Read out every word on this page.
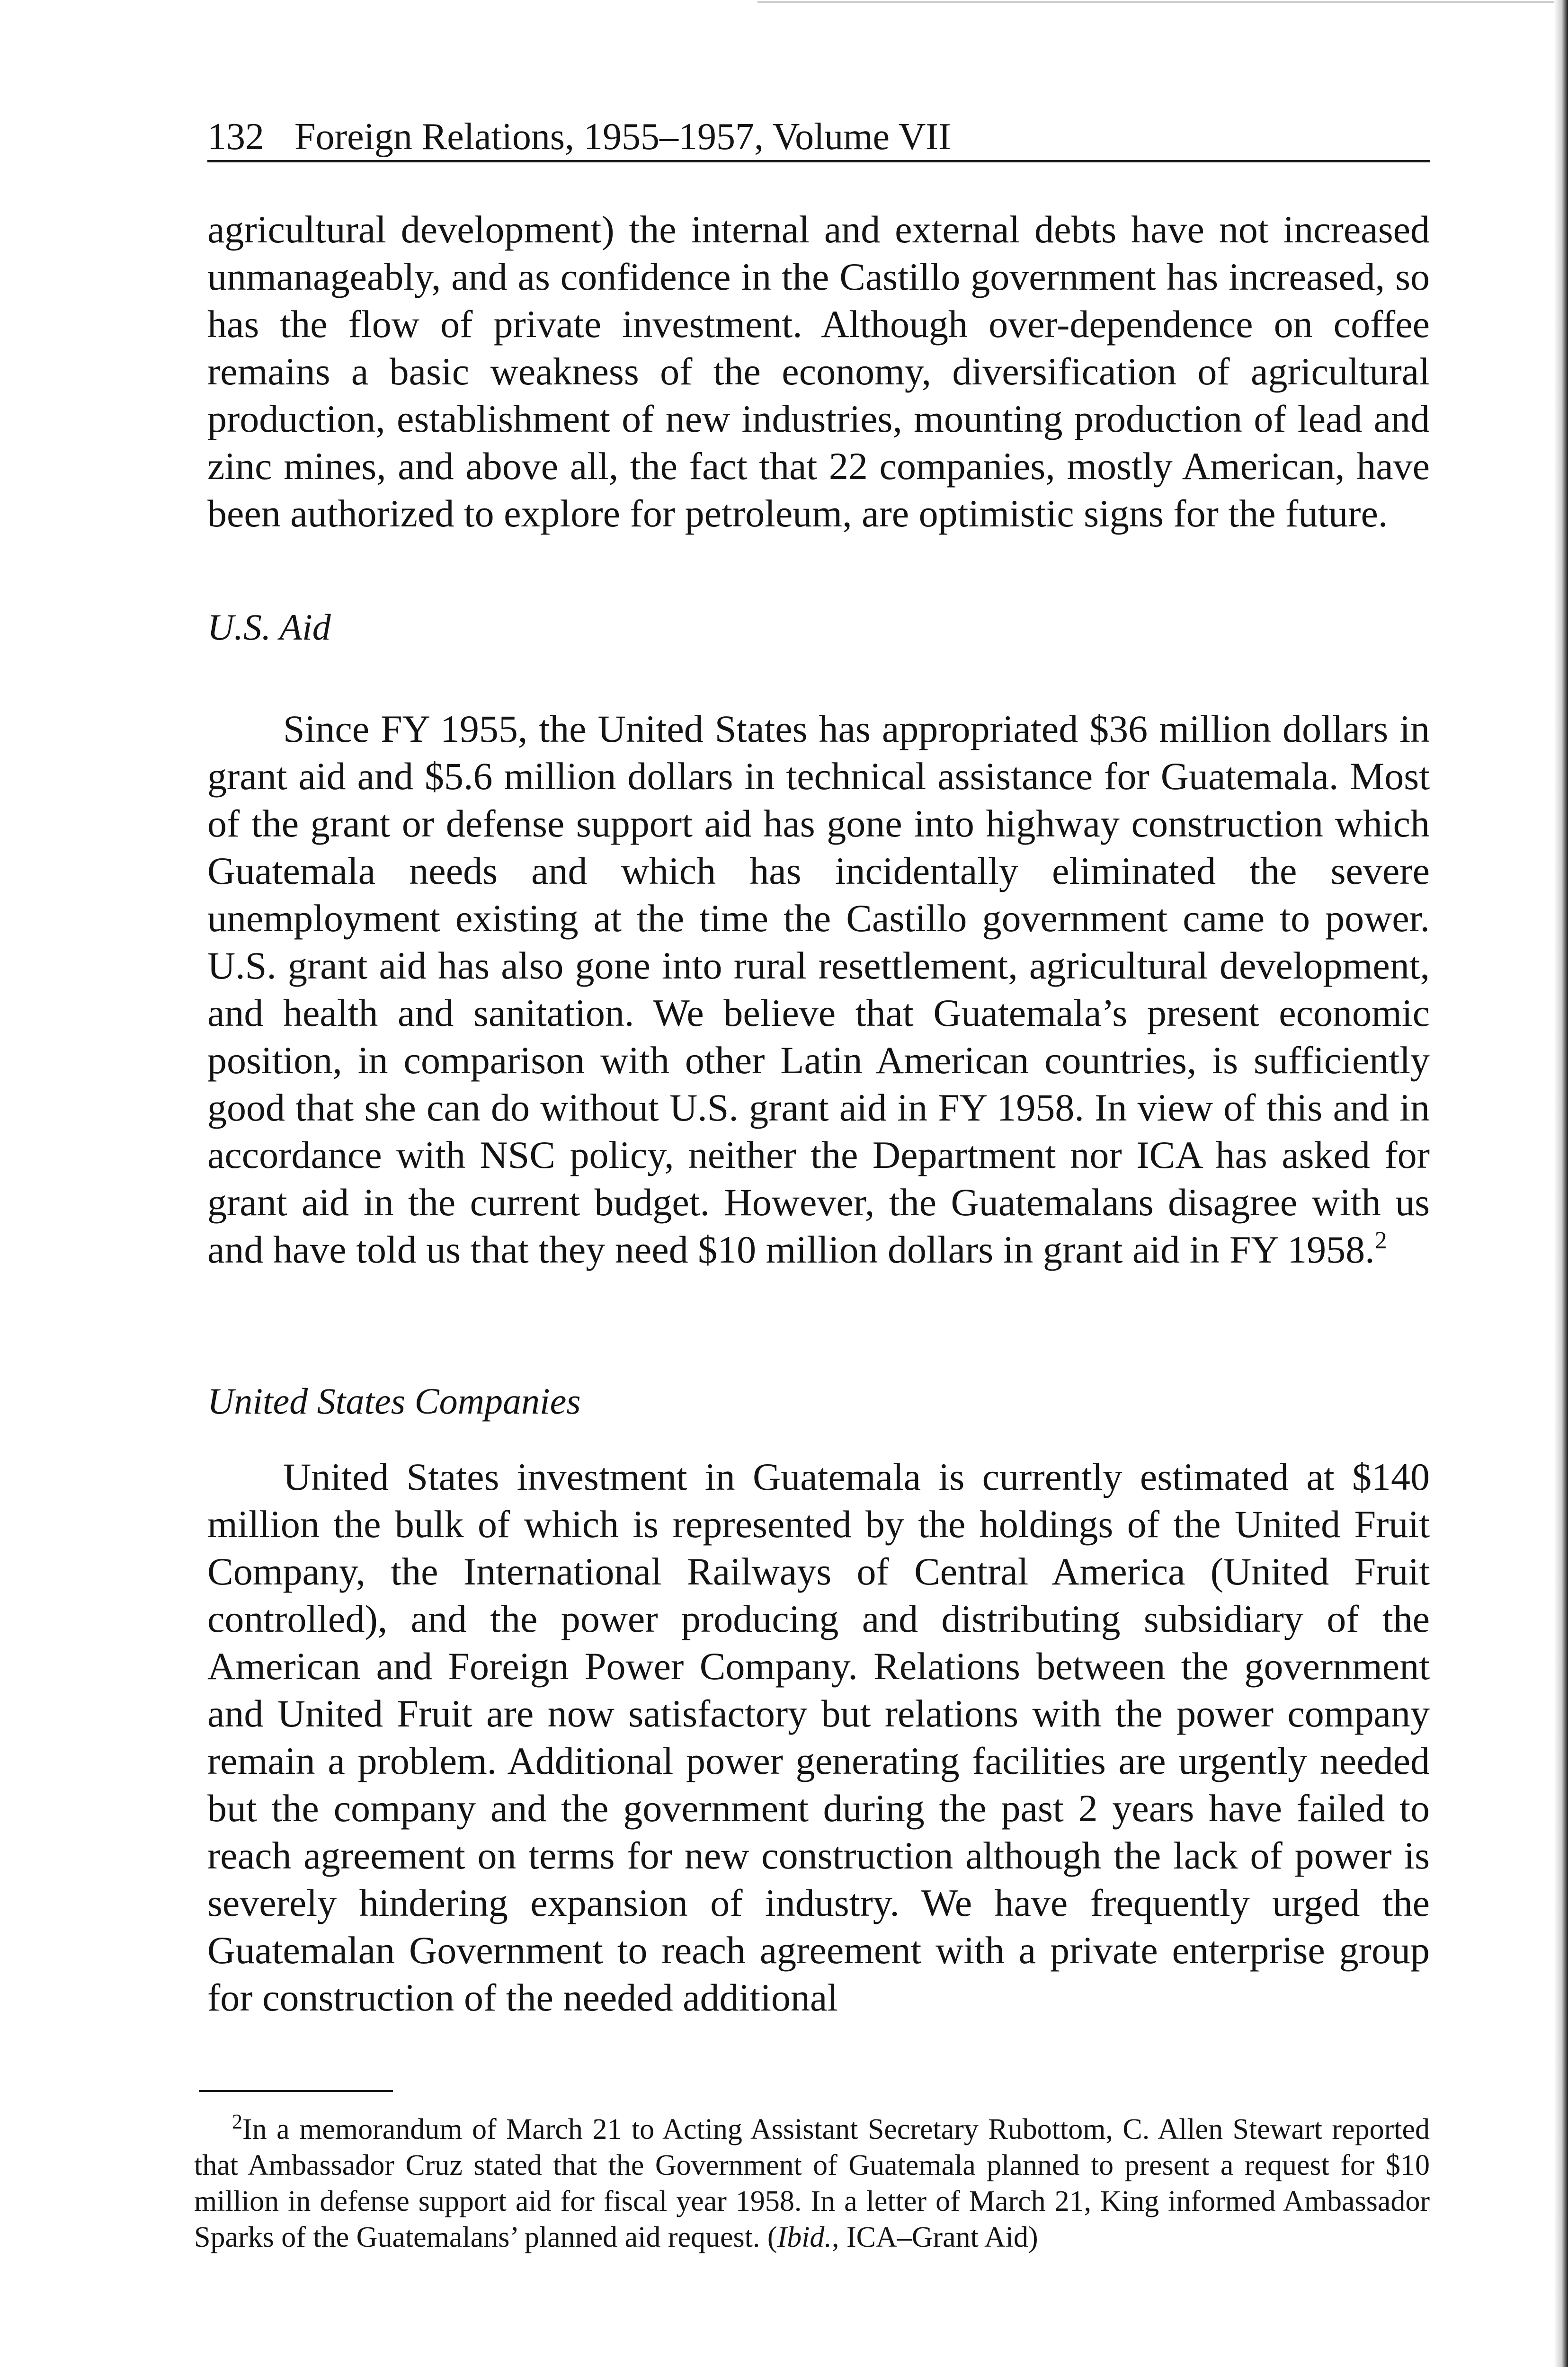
132 Foreign Relations, 1955–1957, Volume VII

agricultural development) the internal and external debts have not increased unmanageably, and as confidence in the Castillo government has increased, so has the flow of private investment. Although over-dependence on coffee remains a basic weakness of the economy, diversification of agricultural production, establishment of new industries, mounting production of lead and zinc mines, and above all, the fact that 22 companies, mostly American, have been authorized to explore for petroleum, are optimistic signs for the future.

U.S. Aid

Since FY 1955, the United States has appropriated $36 million dollars in grant aid and $5.6 million dollars in technical assistance for Guatemala. Most of the grant or defense support aid has gone into highway construction which Guatemala needs and which has incidentally eliminated the severe unemployment existing at the time the Castillo government came to power. U.S. grant aid has also gone into rural resettlement, agricultural development, and health and sanitation. We believe that Guatemala’s present economic position, in comparison with other Latin American countries, is sufficiently good that she can do without U.S. grant aid in FY 1958. In view of this and in accordance with NSC policy, neither the Department nor ICA has asked for grant aid in the current budget. However, the Guatemalans disagree with us and have told us that they need $10 million dollars in grant aid in FY 1958.$^2$

United States Companies

United States investment in Guatemala is currently estimated at $140 million the bulk of which is represented by the holdings of the United Fruit Company, the International Railways of Central America (United Fruit controlled), and the power producing and distributing subsidiary of the American and Foreign Power Company. Relations between the government and United Fruit are now satisfactory but relations with the power company remain a problem. Additional power generating facilities are urgently needed but the company and the government during the past 2 years have failed to reach agreement on terms for new construction although the lack of power is severely hindering expansion of industry. We have frequently urged the Guatemalan Government to reach agreement with a private enterprise group for construction of the needed additional

$^2$In a memorandum of March 21 to Acting Assistant Secretary Rubottom, C. Allen Stewart reported that Ambassador Cruz stated that the Government of Guatemala planned to present a request for $10 million in defense support aid for fiscal year 1958. In a letter of March 21, King informed Ambassador Sparks of the Guatemalans’ planned aid request. (Ibid., ICA–Grant Aid)
